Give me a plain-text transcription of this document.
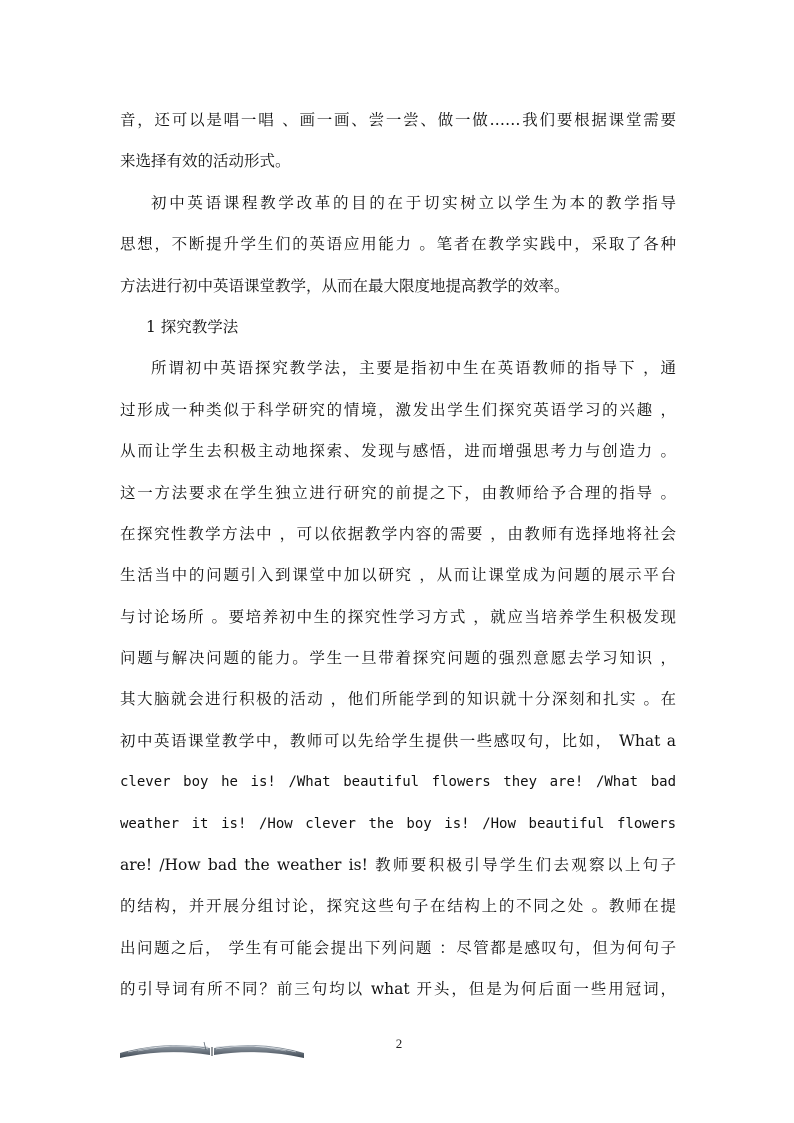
音，还可以是唱一唱 、画一画、尝一尝、做一做……我们要根据课堂需要
来选择有效的活动形式。
初中英语课程教学改革的目的在于切实树立以学生为本的教学指导
思想，不断提升学生们的英语应用能力 。笔者在教学实践中，采取了各种
方法进行初中英语课堂教学，从而在最大限度地提高教学的效率。
1 探究教学法
所谓初中英语探究教学法，主要是指初中生在英语教师的指导下 ，通
过形成一种类似于科学研究的情境，激发出学生们探究英语学习的兴趣 ，
从而让学生去积极主动地探索、发现与感悟，进而增强思考力与创造力 。
这一方法要求在学生独立进行研究的前提之下，由教师给予合理的指导 。
在探究性教学方法中 ，可以依据教学内容的需要 ，由教师有选择地将社会
生活当中的问题引入到课堂中加以研究 ，从而让课堂成为问题的展示平台
与讨论场所 。要培养初中生的探究性学习方式 ，就应当培养学生积极发现
问题与解决问题的能力。学生一旦带着探究问题的强烈意愿去学习知识 ，
其大脑就会进行积极的活动 ，他们所能学到的知识就十分深刻和扎实 。在
初中英语课堂教学中，教师可以先给学生提供一些感叹句，比如， What a
clever boy he is! /What beautiful flowers they are! /What bad
weather it is! /How clever the boy is! /How beautiful flowers
are! /How bad the weather is! 教师要积极引导学生们去观察以上句子
的结构，并开展分组讨论，探究这些句子在结构上的不同之处 。教师在提
出问题之后， 学生有可能会提出下列问题 ：尽管都是感叹句，但为何句子
的引导词有所不同？前三句均以 what 开头，但是为何后面一些用冠词，
2
